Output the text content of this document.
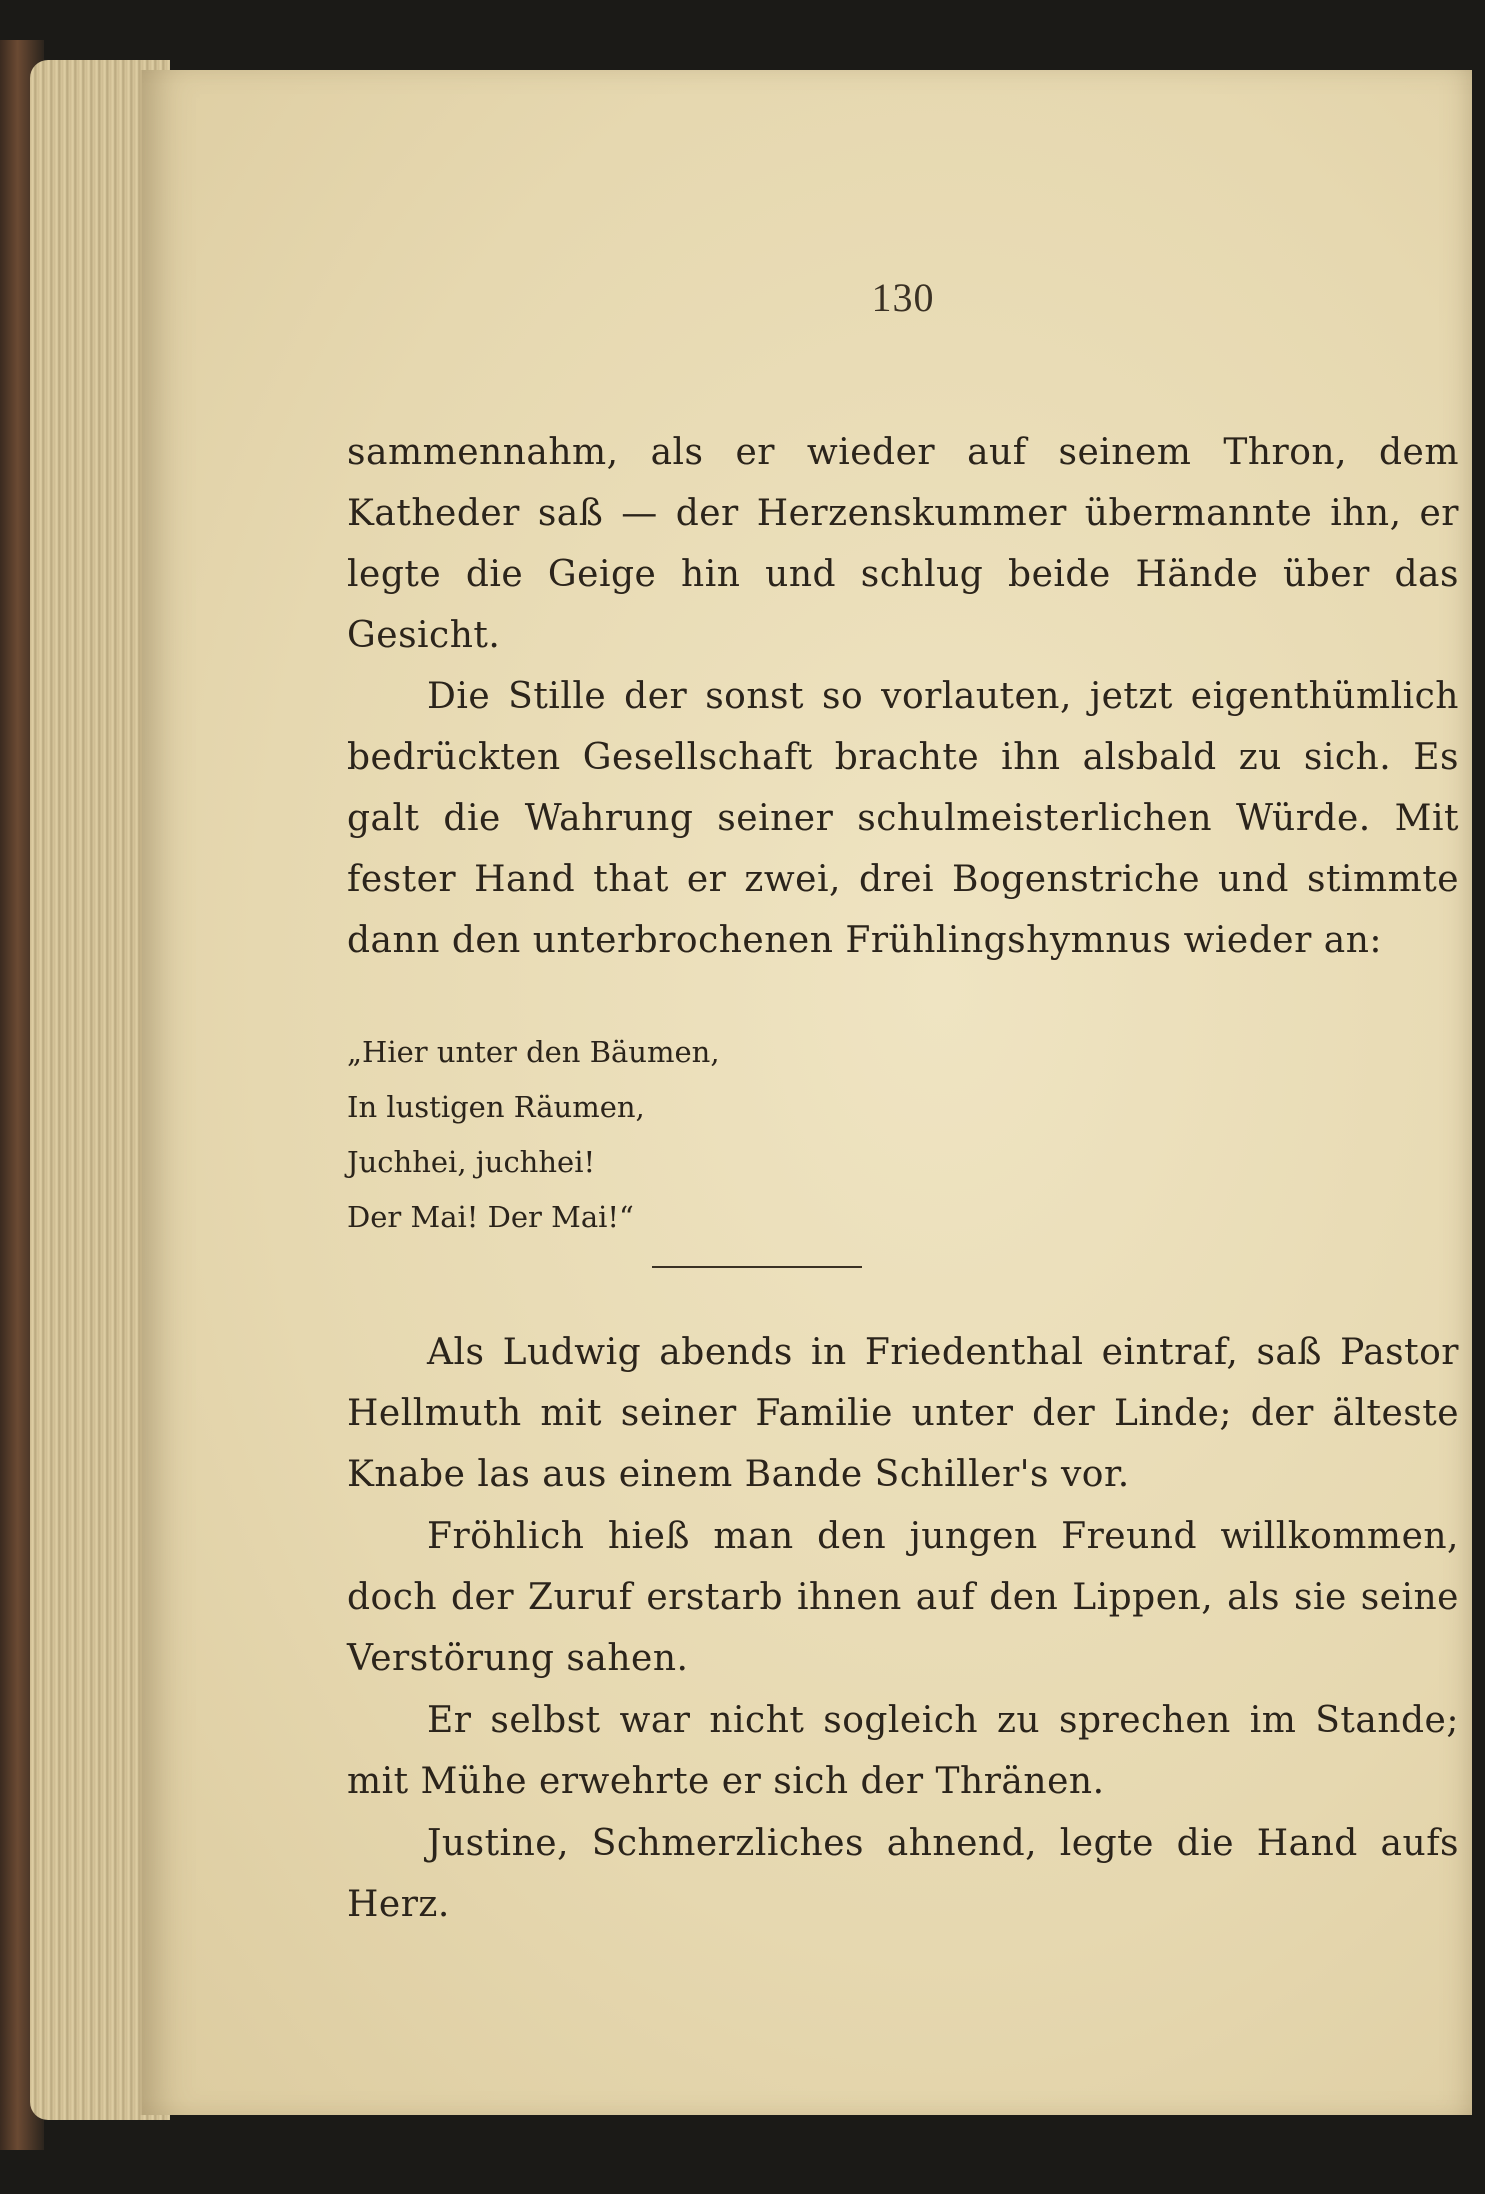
130

sammennahm, als er wieder auf seinem Thron, dem Katheder saß — der Herzenskummer übermannte ihn, er legte die Geige hin und schlug beide Hände über das Gesicht.

Die Stille der sonst so vorlauten, jetzt eigenthümlich bedrückten Gesellschaft brachte ihn alsbald zu sich. Es galt die Wahrung seiner schulmeisterlichen Würde. Mit fester Hand that er zwei, drei Bogenstriche und stimmte dann den unterbrochenen Frühlingshymnus wieder an:

Als Ludwig abends in Friedenthal eintraf, saß Pastor Hellmuth mit seiner Familie unter der Linde; der älteste Knabe las aus einem Bande Schiller's vor.

Fröhlich hieß man den jungen Freund willkommen, doch der Zuruf erstarb ihnen auf den Lippen, als sie seine Verstörung sahen.

Er selbst war nicht sogleich zu sprechen im Stande; mit Mühe erwehrte er sich der Thränen.

Justine, Schmerzliches ahnend, legte die Hand aufs Herz.

„Hier unter den Bäumen,
In lustigen Räumen,
Juchhei, juchhei!
Der Mai! Der Mai!“
